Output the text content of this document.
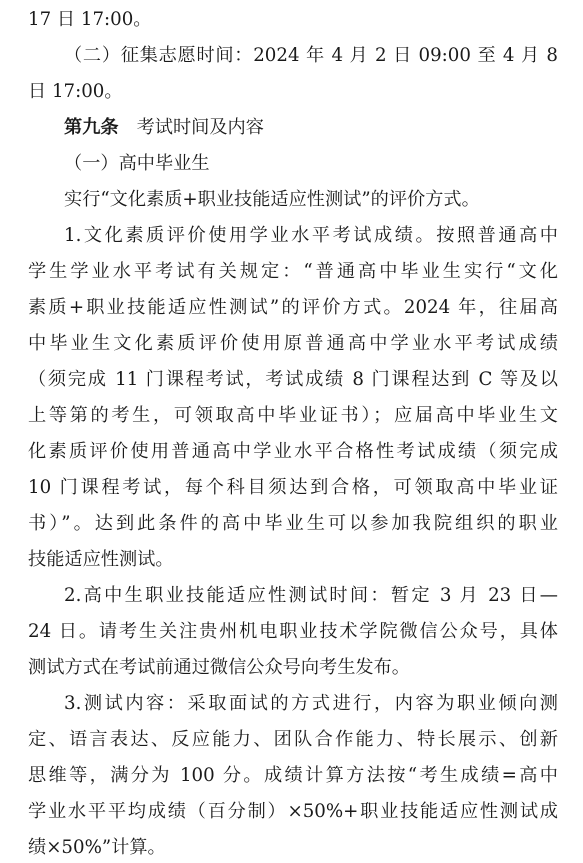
17 日 17:00。
（二）征集志愿时间：2024 年 4 月 2 日 09:00 至 4 月 8
日 17:00。
第九条 考试时间及内容
（一）高中毕业生
实行“文化素质+职业技能适应性测试”的评价方式。
1.文化素质评价使用学业水平考试成绩。按照普通高中
学生学业水平考试有关规定：“普通高中毕业生实行“文化
素质+职业技能适应性测试”的评价方式。2024 年，往届高
中毕业生文化素质评价使用原普通高中学业水平考试成绩
（须完成 11 门课程考试，考试成绩 8 门课程达到 C 等及以
上等第的考生，可领取高中毕业证书）；应届高中毕业生文
化素质评价使用普通高中学业水平合格性考试成绩（须完成
10 门课程考试，每个科目须达到合格，可领取高中毕业证
书）”。达到此条件的高中毕业生可以参加我院组织的职业
技能适应性测试。
2.高中生职业技能适应性测试时间：暂定 3 月 23 日—
24 日。请考生关注贵州机电职业技术学院微信公众号，具体
测试方式在考试前通过微信公众号向考生发布。
3.测试内容：采取面试的方式进行，内容为职业倾向测
定、语言表达、反应能力、团队合作能力、特长展示、创新
思维等，满分为 100 分。成绩计算方法按“考生成绩=高中
学业水平平均成绩（百分制）×50%+职业技能适应性测试成
绩×50%”计算。
